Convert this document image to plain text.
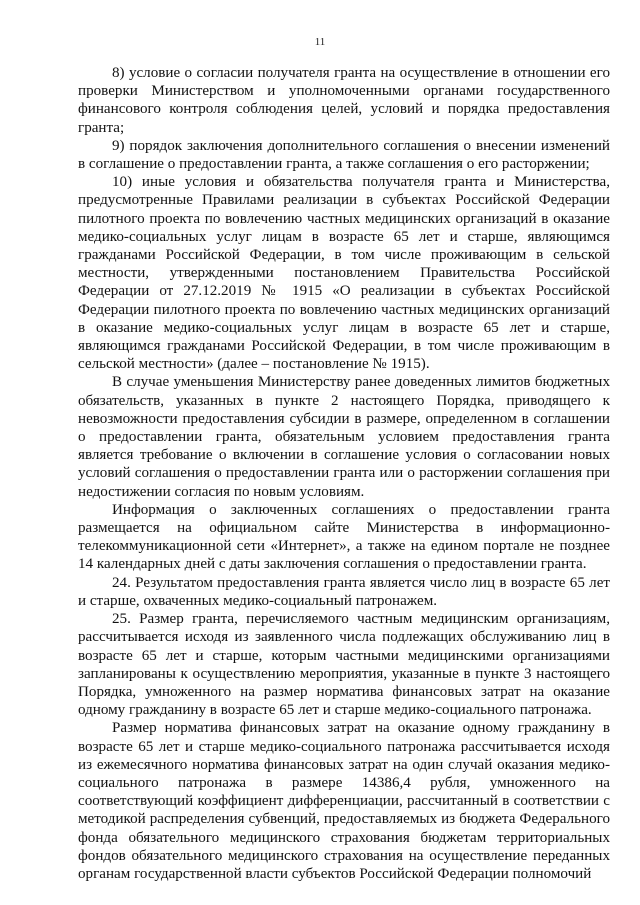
11

8) условие о согласии получателя гранта на осуществление в отношении его проверки Министерством и уполномоченными органами государственного финансового контроля соблюдения целей, условий и порядка предоставления гранта;

9) порядок заключения дополнительного соглашения о внесении изменений в соглашение о предоставлении гранта, а также соглашения о его расторжении;

10) иные условия и обязательства получателя гранта и Министерства, предусмотренные Правилами реализации в субъектах Российской Федерации пилотного проекта по вовлечению частных медицинских организаций в оказание медико-социальных услуг лицам в возрасте 65 лет и старше, являющимся гражданами Российской Федерации, в том числе проживающим в сельской местности, утвержденными постановлением Правительства Российской Федерации от 27.12.2019 № 1915 «О реализации в субъектах Российской Федерации пилотного проекта по вовлечению частных медицинских организаций в оказание медико-социальных услуг лицам в возрасте 65 лет и старше, являющимся гражданами Российской Федерации, в том числе проживающим в сельской местности» (далее – постановление № 1915).

В случае уменьшения Министерству ранее доведенных лимитов бюджетных обязательств, указанных в пункте 2 настоящего Порядка, приводящего к невозможности предоставления субсидии в размере, определенном в соглашении о предоставлении гранта, обязательным условием предоставления гранта является требование о включении в соглашение условия о согласовании новых условий соглашения о предоставлении гранта или о расторжении соглашения при недостижении согласия по новым условиям.

Информация о заключенных соглашениях о предоставлении гранта размещается на официальном сайте Министерства в информационно-телекоммуникационной сети «Интернет», а также на едином портале не позднее 14 календарных дней с даты заключения соглашения о предоставлении гранта.

24. Результатом предоставления гранта является число лиц в возрасте 65 лет и старше, охваченных медико-социальный патронажем.

25. Размер гранта, перечисляемого частным медицинским организациям, рассчитывается исходя из заявленного числа подлежащих обслуживанию лиц в возрасте 65 лет и старше, которым частными медицинскими организациями запланированы к осуществлению мероприятия, указанные в пункте 3 настоящего Порядка, умноженного на размер норматива финансовых затрат на оказание одному гражданину в возрасте 65 лет и старше медико-социального патронажа.

Размер норматива финансовых затрат на оказание одному гражданину в возрасте 65 лет и старше медико-социального патронажа рассчитывается исходя из ежемесячного норматива финансовых затрат на один случай оказания медико-социального патронажа в размере 14386,4 рубля, умноженного на соответствующий коэффициент дифференциации, рассчитанный в соответствии с методикой распределения субвенций, предоставляемых из бюджета Федерального фонда обязательного медицинского страхования бюджетам территориальных фондов обязательного медицинского страхования на осуществление переданных органам государственной власти субъектов Российской Федерации полномочий
